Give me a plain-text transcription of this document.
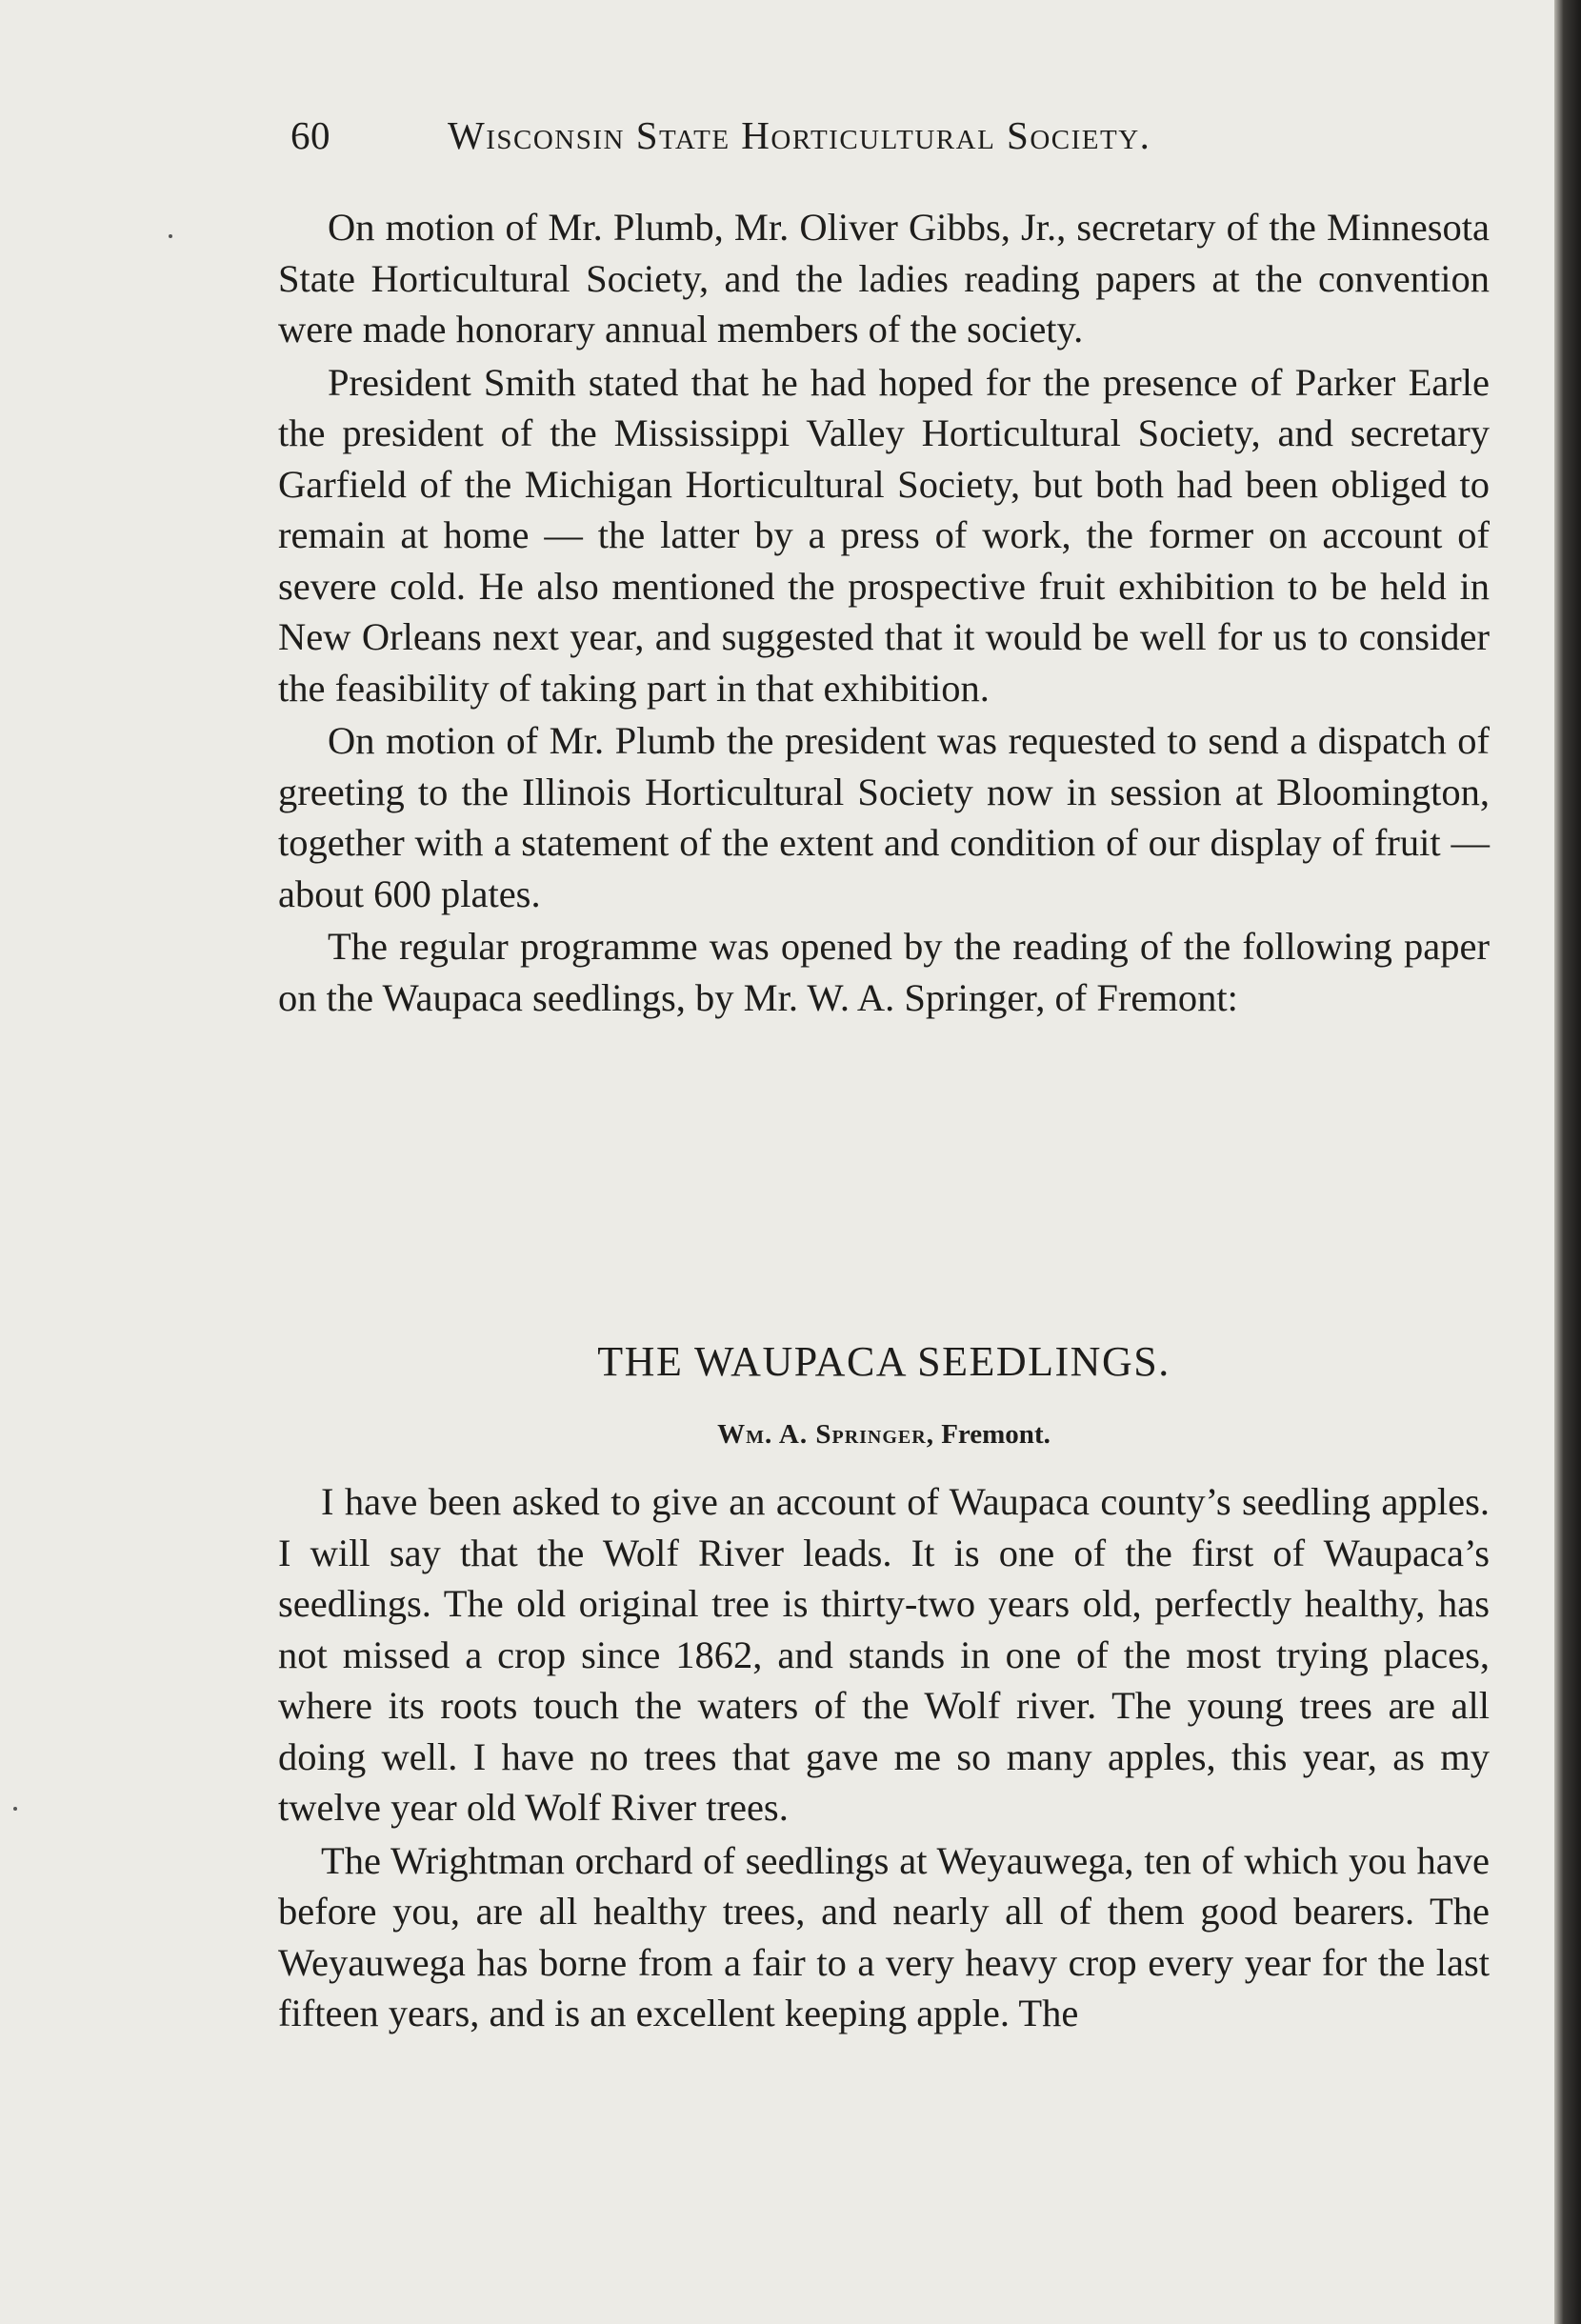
60	Wisconsin State Horticultural Society.

On motion of Mr. Plumb, Mr. Oliver Gibbs, Jr., secretary of the Minnesota State Horticultural Society, and the ladies reading papers at the convention were made honorary annual members of the society.

President Smith stated that he had hoped for the presence of Parker Earle the president of the Mississippi Valley Horticultural Society, and secretary Garfield of the Michigan Horticultural Society, but both had been obliged to remain at home — the latter by a press of work, the former on account of severe cold. He also mentioned the prospective fruit exhibition to be held in New Orleans next year, and suggested that it would be well for us to consider the feasibility of taking part in that exhibition.

On motion of Mr. Plumb the president was requested to send a dispatch of greeting to the Illinois Horticultural Society now in session at Bloomington, together with a statement of the extent and condition of our display of fruit — about 600 plates.

The regular programme was opened by the reading of the following paper on the Waupaca seedlings, by Mr. W. A. Springer, of Fremont:

THE WAUPACA SEEDLINGS.
Wm. A. Springer, Fremont.

I have been asked to give an account of Waupaca county’s seedling apples. I will say that the Wolf River leads. It is one of the first of Waupaca’s seedlings. The old original tree is thirty-two years old, perfectly healthy, has not missed a crop since 1862, and stands in one of the most trying places, where its roots touch the waters of the Wolf river. The young trees are all doing well. I have no trees that gave me so many apples, this year, as my twelve year old Wolf River trees.

The Wrightman orchard of seedlings at Weyauwega, ten of which you have before you, are all healthy trees, and nearly all of them good bearers. The Weyauwega has borne from a fair to a very heavy crop every year for the last fifteen years, and is an excellent keeping apple. The
